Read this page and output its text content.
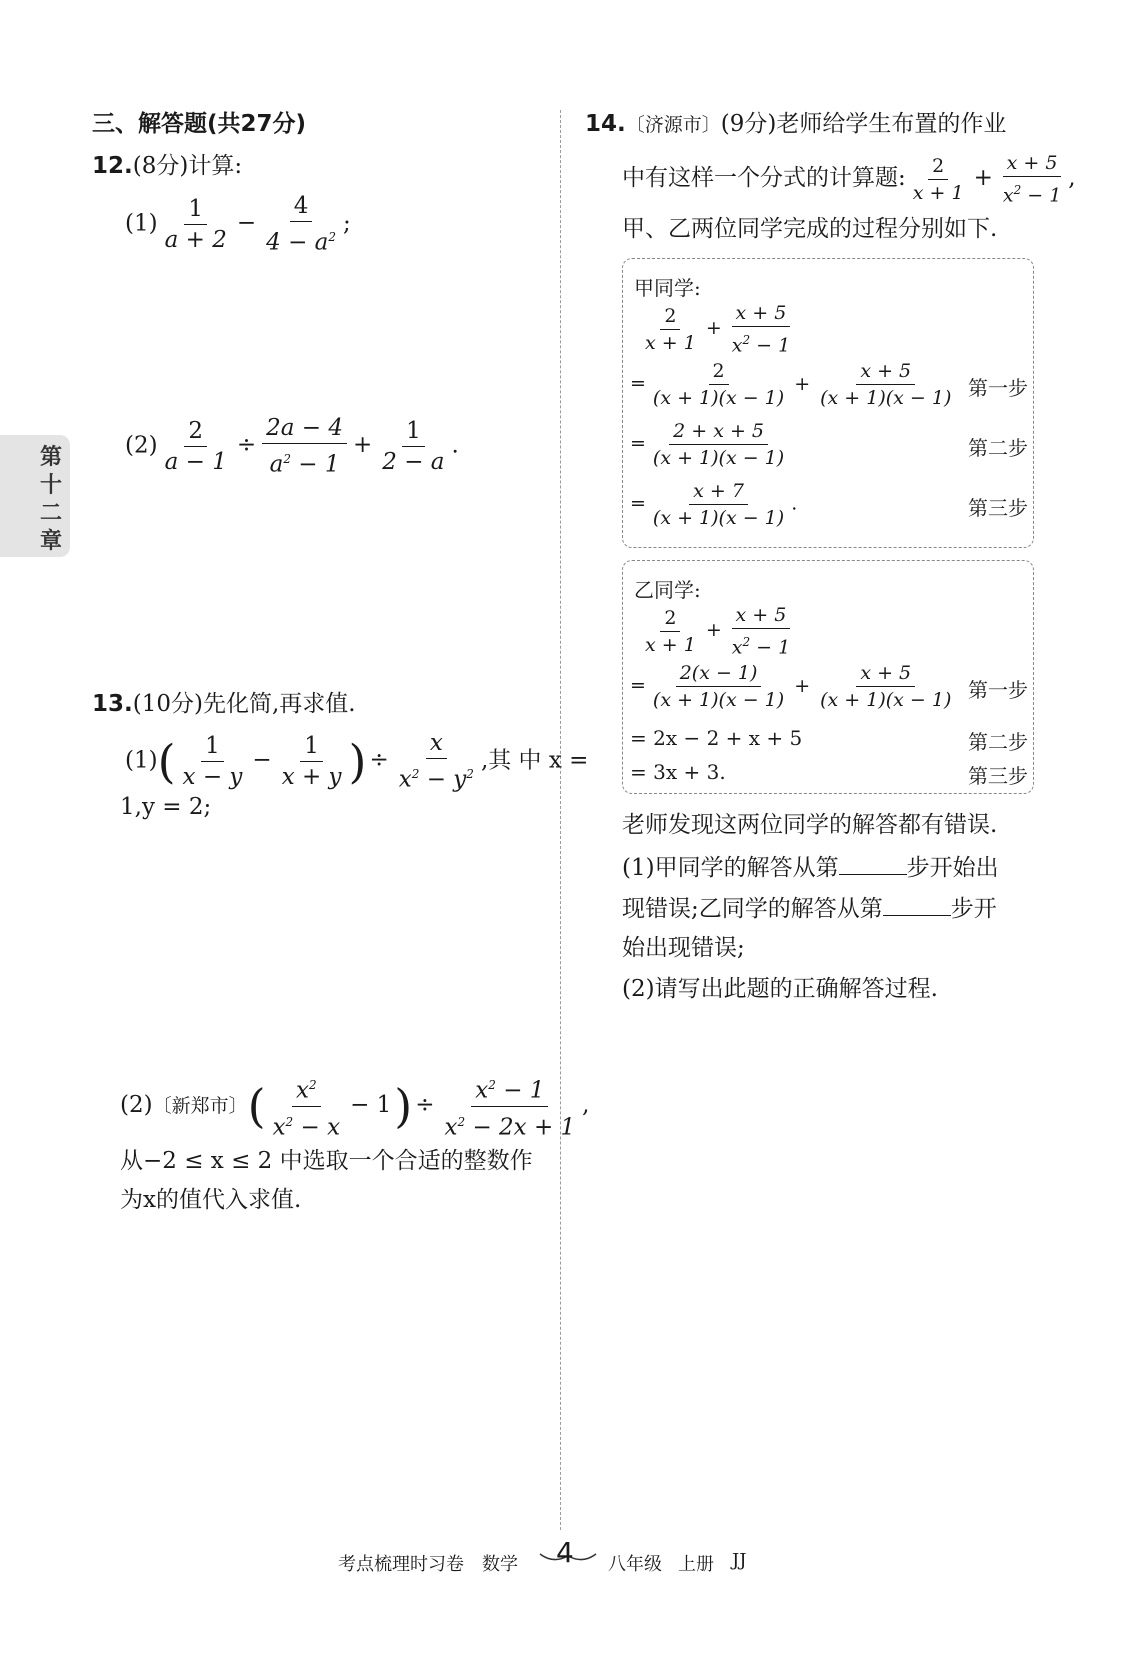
第
十
二
章
三、解答题(共27分)
12.(8分)计算:
$(1) \frac{1}{a + 2} - \frac{4}{4 - a^2}$ ;
$(2) \frac{2}{a - 1} \div \frac{2a - 4}{a^2 - 1} + \frac{1}{2 - a}$ .
13.(10分)先化简,再求值.
$(1)( \frac{1}{x - y} - \frac{1}{x + y}$ ) ÷ $\frac{x}{x^2 - y^2}$ ,其 中 x =
1,y = 2;
(2)〔新郑市〕( $\frac{x^2}{x^2 - x} - 1) \div \frac{x^2 - 1}{x^2 - 2x + 1}$ ,
从−2 ≤ x ≤ 2 中选取一个合适的整数作
为x的值代入求值.
14.〔济源市〕(9分)老师给学生布置的作业
中有这样一个分式的计算题: $\frac{2}{x + 1} + \frac{x + 5}{x^2 - 1}$ ,
甲、乙两位同学完成的过程分别如下.
甲同学:
$\frac{2}{x + 1} + \frac{x + 5}{x^2 - 1}$
= $\frac{2}{(x + 1)(x - 1)} + \frac{x + 5}{(x + 1)(x - 1)}$ 第一步
= $\frac{2 + x + 5}{(x + 1)(x - 1)}$	第二步
= $\frac{x + 7}{(x + 1)(x - 1)}$ .	第三步
乙同学:
$\frac{2}{x + 1} + \frac{x + 5}{x^2 - 1}$
= $\frac{2(x - 1)}{(x + 1)(x - 1)} + \frac{x + 5}{(x + 1)(x - 1)}$ 第一步
= 2x − 2 + x + 5	第二步
= 3x + 3.	第三步
老师发现这两位同学的解答都有错误.
(1)甲同学的解答从第	步开始出
现错误;乙同学的解答从第	步开
始出现错误;
(2)请写出此题的正确解答过程.
考点梳理时习卷 数学 4 八年级 上册 JJ
